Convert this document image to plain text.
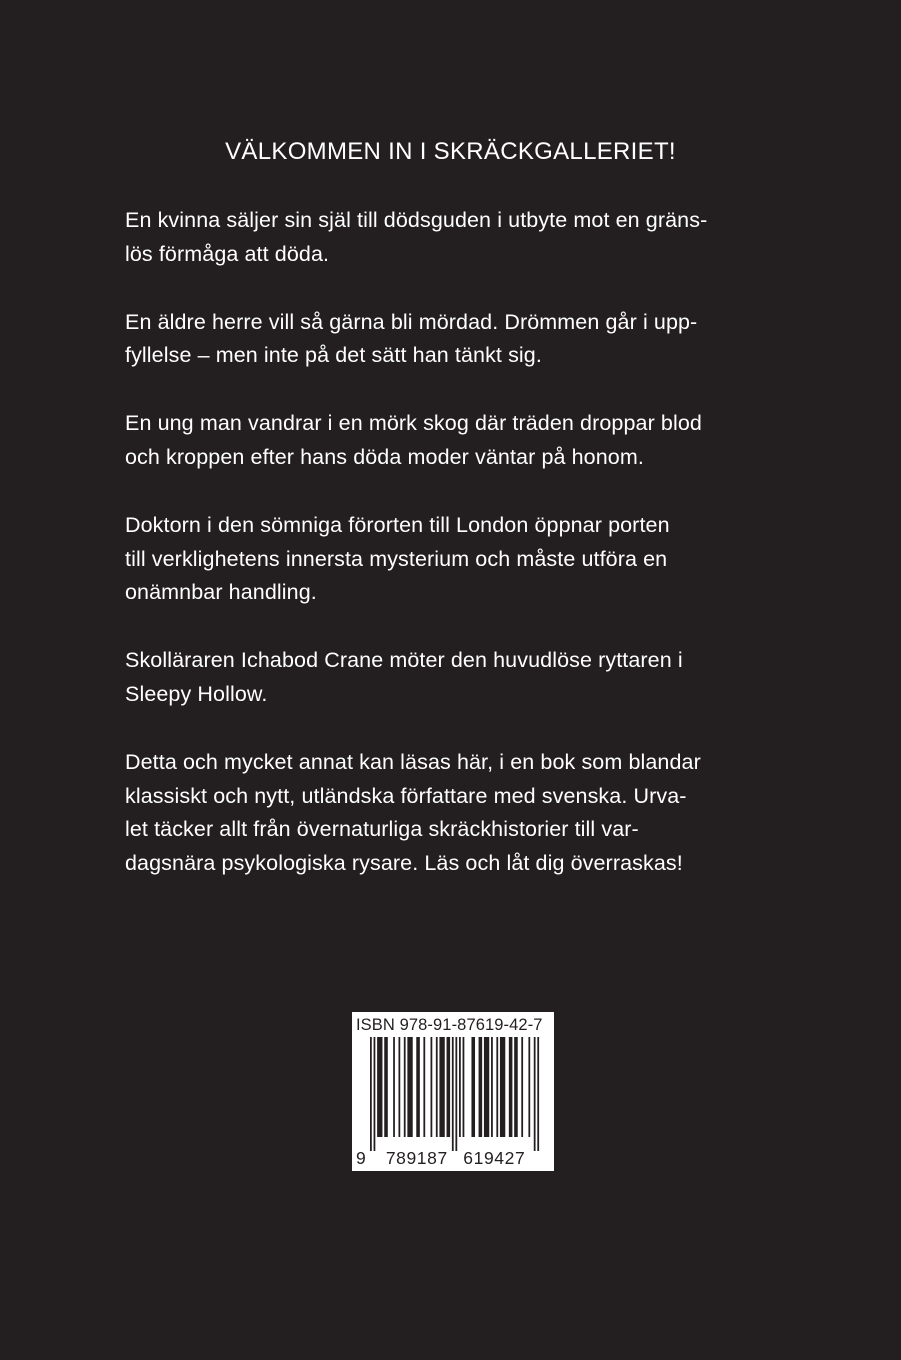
VÄLKOMMEN IN I SKRÄCKGALLERIET!

En kvinna säljer sin själ till dödsguden i utbyte mot en gräns-
lös förmåga att döda.

En äldre herre vill så gärna bli mördad. Drömmen går i upp-
fyllelse – men inte på det sätt han tänkt sig.

En ung man vandrar i en mörk skog där träden droppar blod
och kroppen efter hans döda moder väntar på honom.

Doktorn i den sömniga förorten till London öppnar porten
till verklighetens innersta mysterium och måste utföra en
onämnbar handling.

Skolläraren Ichabod Crane möter den huvudlöse ryttaren i
Sleepy Hollow.

Detta och mycket annat kan läsas här, i en bok som blandar
klassiskt och nytt, utländska författare med svenska. Urva-
let täcker allt från övernaturliga skräckhistorier till var-
dagsnära psykologiska rysare. Läs och låt dig överraskas!

ISBN 978-91-87619-42-7
9 789187 619427
